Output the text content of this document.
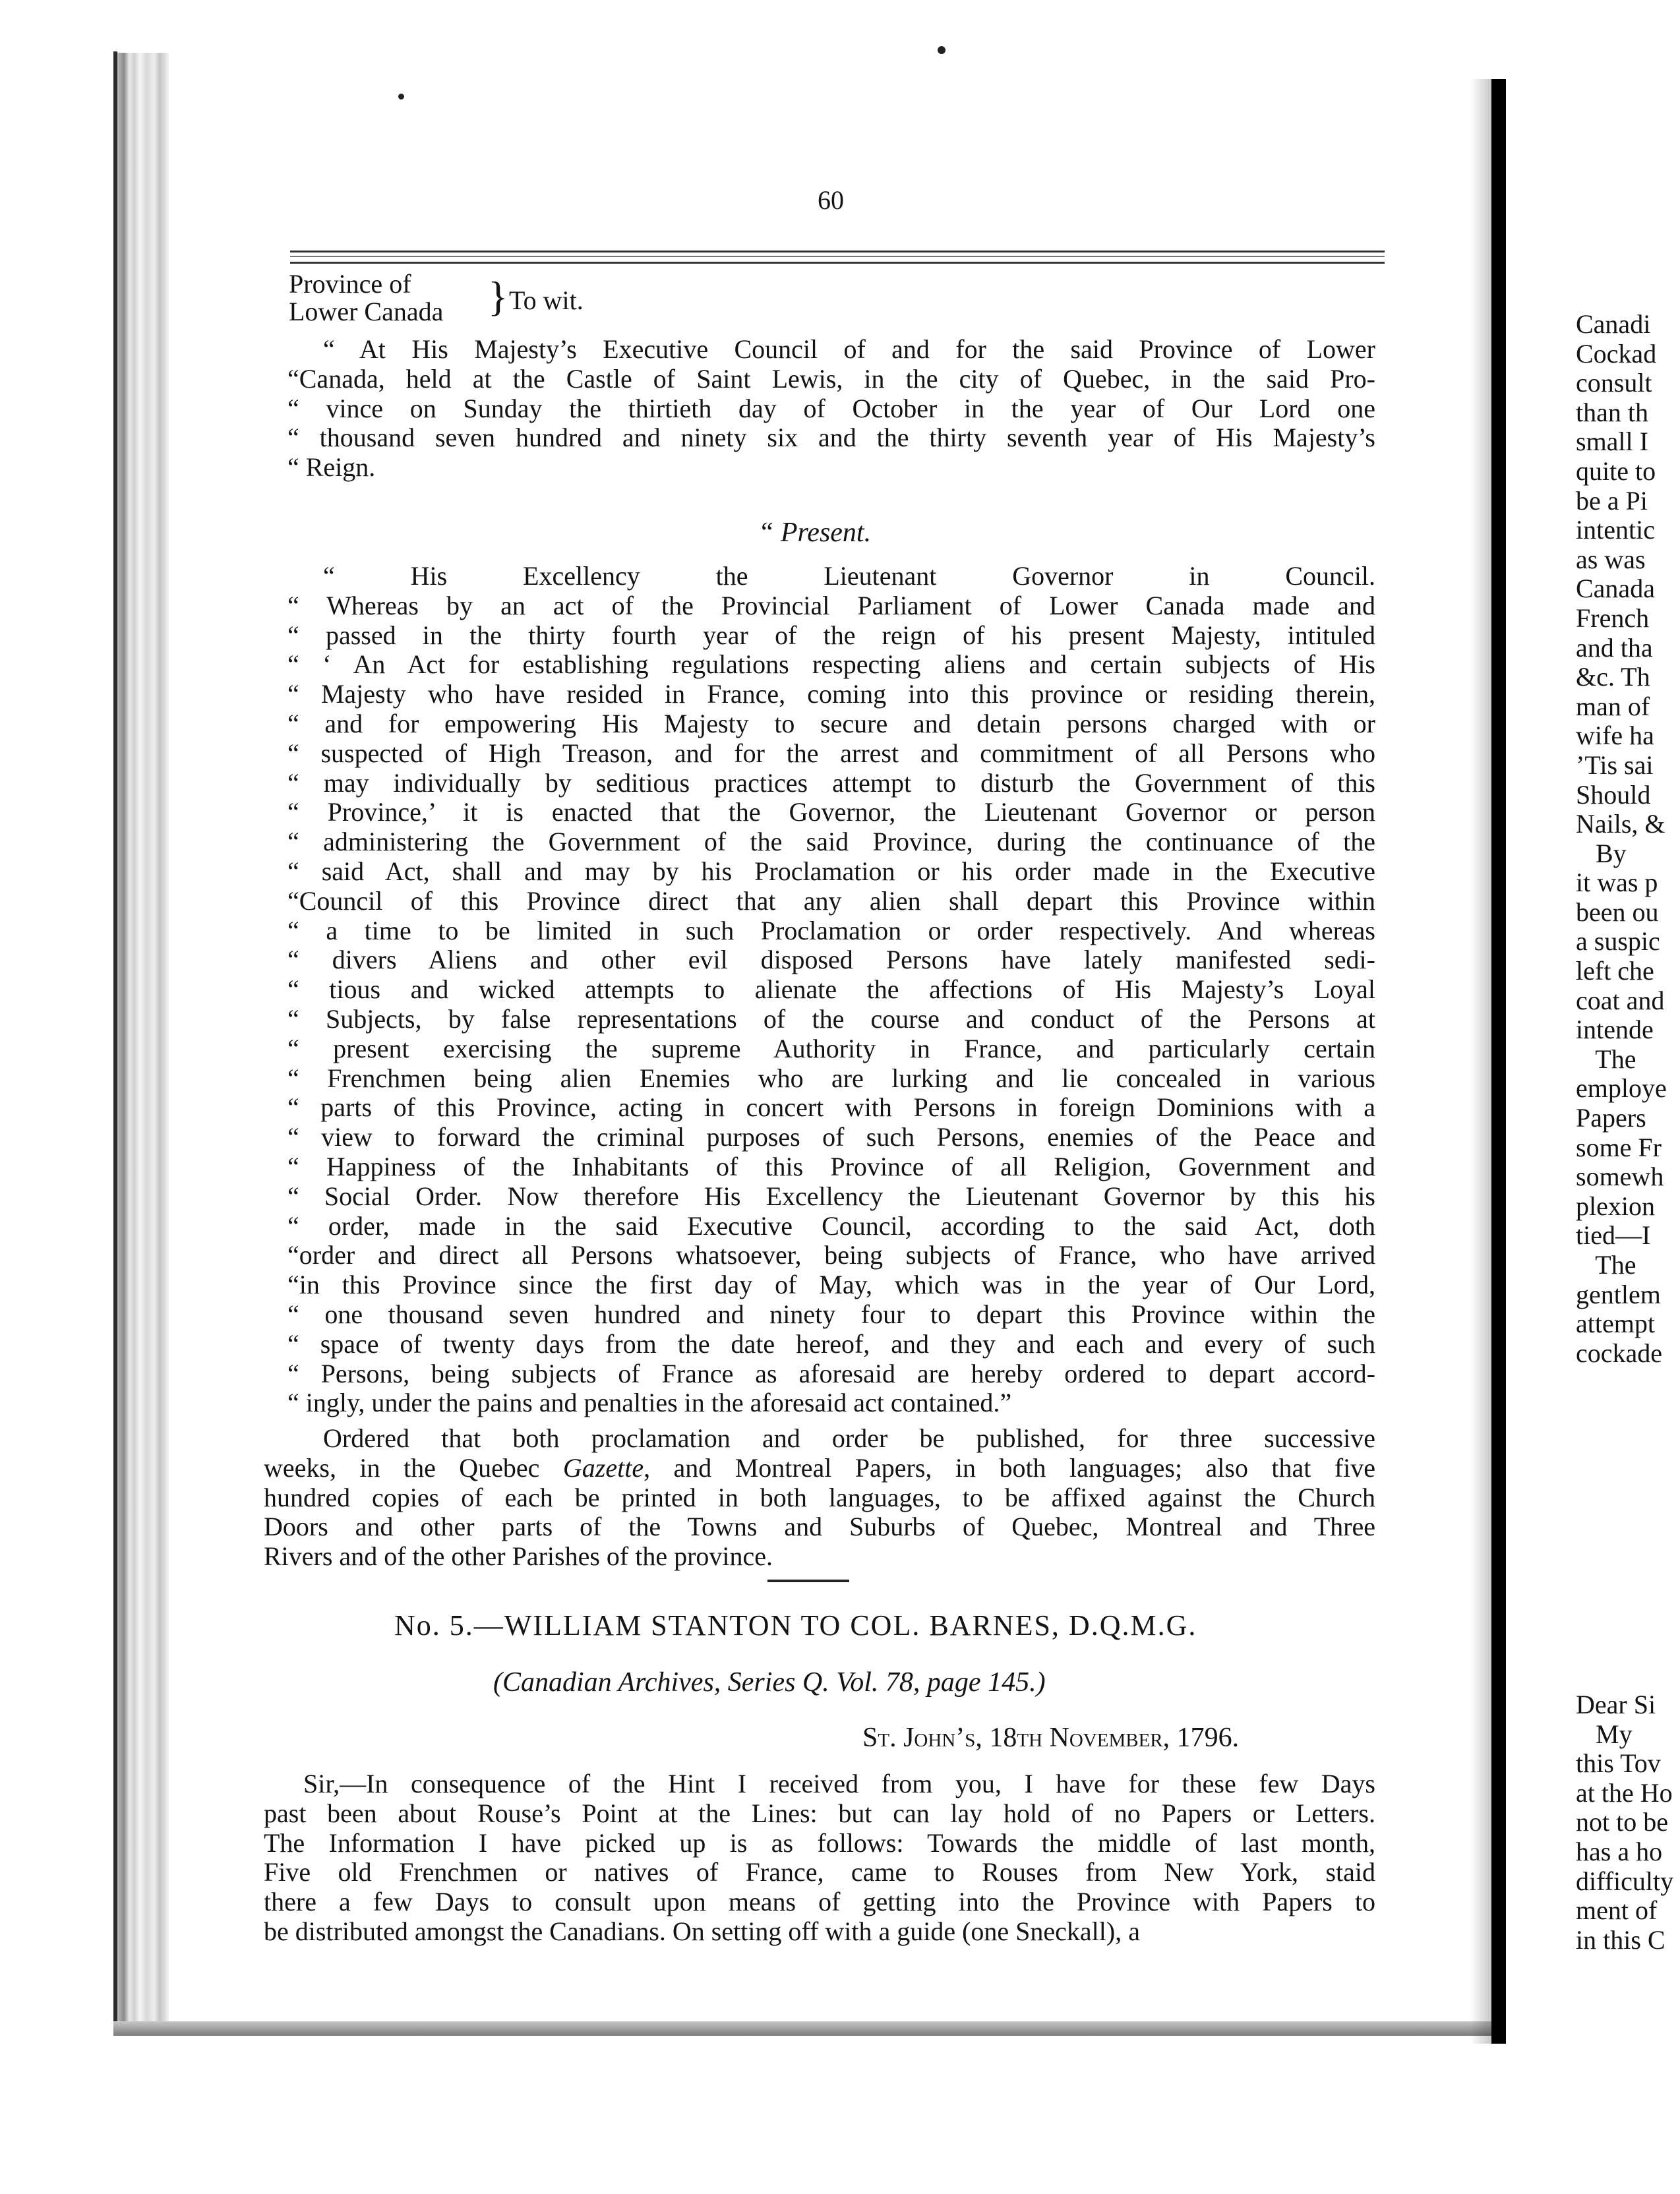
60
Province of
Lower Canada } To wit.
“ At His Majesty’s Executive Council of and for the said Province of Lower
“Canada, held at the Castle of Saint Lewis, in the city of Quebec, in the said Pro-
“ vince on Sunday the thirtieth day of October in the year of Our Lord one
“ thousand seven hundred and ninety six and the thirty seventh year of His Majesty’s
“ Reign.
“ Present.
“ His Excellency the Lieutenant Governor in Council.
“ Whereas by an act of the Provincial Parliament of Lower Canada made and
“ passed in the thirty fourth year of the reign of his present Majesty, intituled
“ ‘ An Act for establishing regulations respecting aliens and certain subjects of His
“ Majesty who have resided in France, coming into this province or residing therein,
“ and for empowering His Majesty to secure and detain persons charged with or
“ suspected of High Treason, and for the arrest and commitment of all Persons who
“ may individually by seditious practices attempt to disturb the Government of this
“ Province,’ it is enacted that the Governor, the Lieutenant Governor or person
“ administering the Government of the said Province, during the continuance of the
“ said Act, shall and may by his Proclamation or his order made in the Executive
“Council of this Province direct that any alien shall depart this Province within
“ a time to be limited in such Proclamation or order respectively. And whereas
“ divers Aliens and other evil disposed Persons have lately manifested sedi-
“ tious and wicked attempts to alienate the affections of His Majesty’s Loyal
“ Subjects, by false representations of the course and conduct of the Persons at
“ present exercising the supreme Authority in France, and particularly certain
“ Frenchmen being alien Enemies who are lurking and lie concealed in various
“ parts of this Province, acting in concert with Persons in foreign Dominions with a
“ view to forward the criminal purposes of such Persons, enemies of the Peace and
“ Happiness of the Inhabitants of this Province of all Religion, Government and
“ Social Order. Now therefore His Excellency the Lieutenant Governor by this his
“ order, made in the said Executive Council, according to the said Act, doth
“order and direct all Persons whatsoever, being subjects of France, who have arrived
“in this Province since the first day of May, which was in the year of Our Lord,
“ one thousand seven hundred and ninety four to depart this Province within the
“ space of twenty days from the date hereof, and they and each and every of such
“ Persons, being subjects of France as aforesaid are hereby ordered to depart accord-
“ ingly, under the pains and penalties in the aforesaid act contained.”
Ordered that both proclamation and order be published, for three successive
weeks, in the Quebec Gazette, and Montreal Papers, in both languages; also that five
hundred copies of each be printed in both languages, to be affixed against the Church
Doors and other parts of the Towns and Suburbs of Quebec, Montreal and Three
Rivers and of the other Parishes of the province.
No. 5.—WILLIAM STANTON TO COL. BARNES, D.Q.M.G.
(Canadian Archives, Series Q. Vol. 78, page 145.)
St. John’s, 18th November, 1796.
Sir,—In consequence of the Hint I received from you, I have for these few Days
past been about Rouse’s Point at the Lines: but can lay hold of no Papers or Letters.
The Information I have picked up is as follows: Towards the middle of last month,
Five old Frenchmen or natives of France, came to Rouses from New York, staid
there a few Days to consult upon means of getting into the Province with Papers to
be distributed amongst the Canadians. On setting off with a guide (one Sneckall), a
Canadi
Cockad
consult
than th
small I
quite to
be a Pi
intentic
as was
Canada
French
and tha
&c. Th
man of
wife ha
’Tis sai
Should
Nails, &
By
it was p
been ou
a suspic
left che
coat and
intende
The
employe
Papers
some Fr
somewh
plexion
tied—I
The
gentlem
attempt
cockade
Dear Si
My
this Tov
at the Ho
not to be
has a ho
difficulty
ment of
in this C
